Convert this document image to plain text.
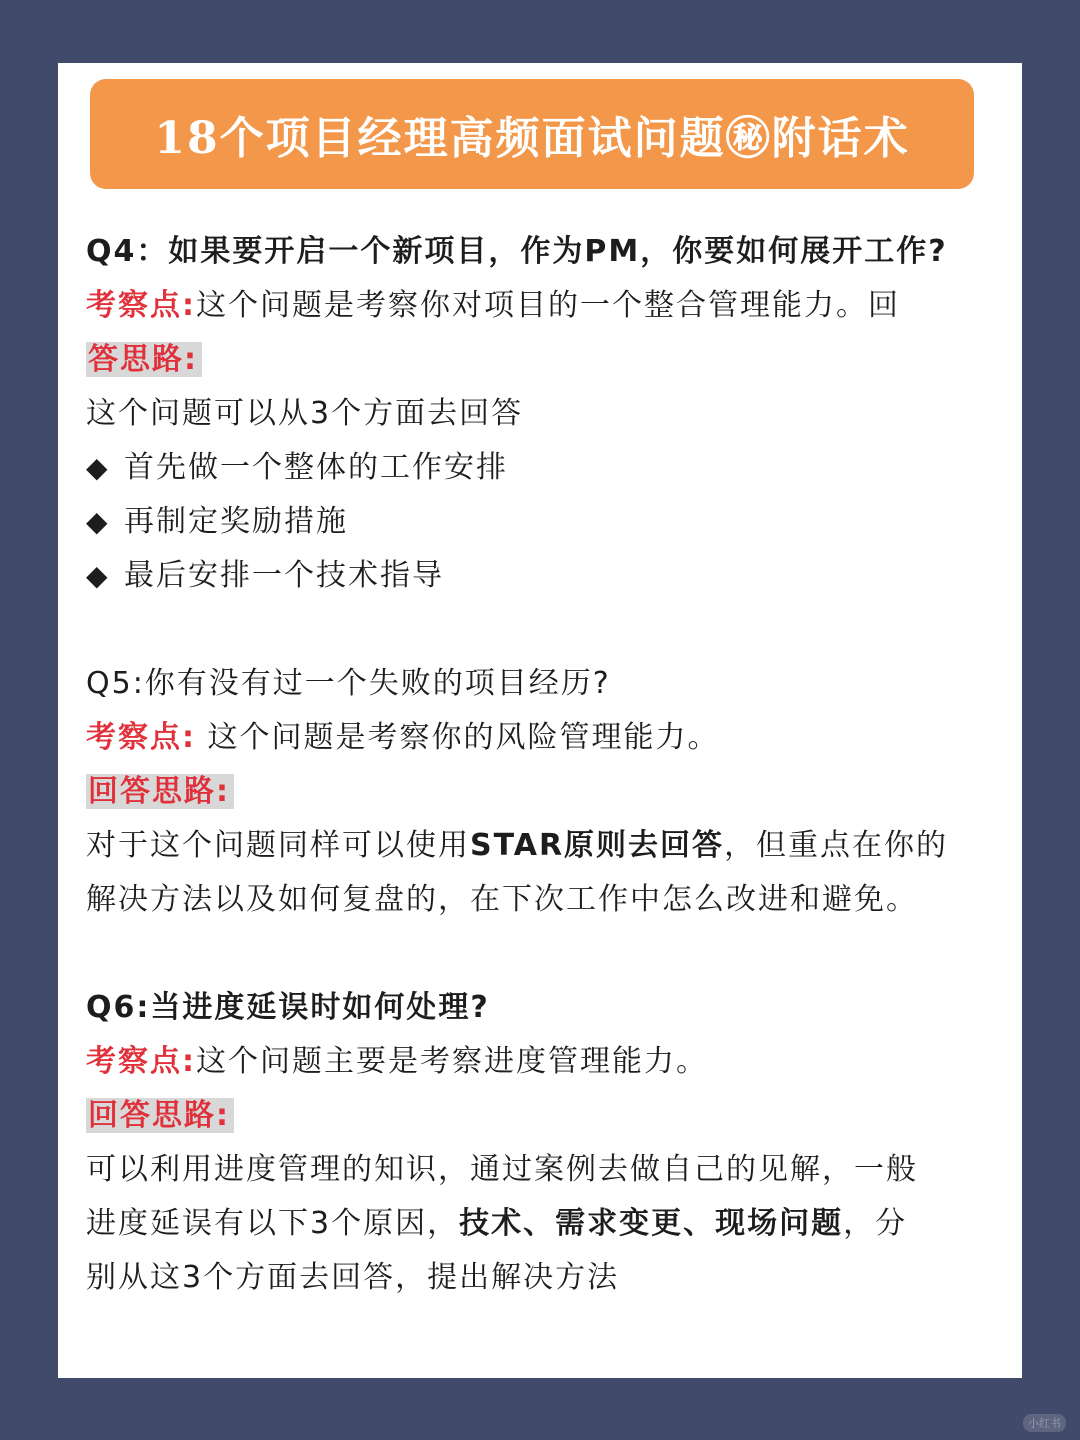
18个项目经理高频面试问题㊙附话术
Q4：如果要开启一个新项目，作为PM，你要如何展开工作?
考察点:这个问题是考察你对项目的一个整合管理能力。回
答思路:
这个问题可以从3个方面去回答
◆ 首先做一个整体的工作安排
◆ 再制定奖励措施
◆ 最后安排一个技术指导
Q5:你有没有过一个失败的项目经历?
考察点: 这个问题是考察你的风险管理能力。
回答思路:
对于这个问题同样可以使用STAR原则去回答，但重点在你的
解决方法以及如何复盘的，在下次工作中怎么改进和避免。
Q6:当进度延误时如何处理?
考察点:这个问题主要是考察进度管理能力。
回答思路:
可以利用进度管理的知识，通过案例去做自己的见解，一般
进度延误有以下3个原因，技术、需求变更、现场问题，分
别从这3个方面去回答，提出解决方法
小红书
